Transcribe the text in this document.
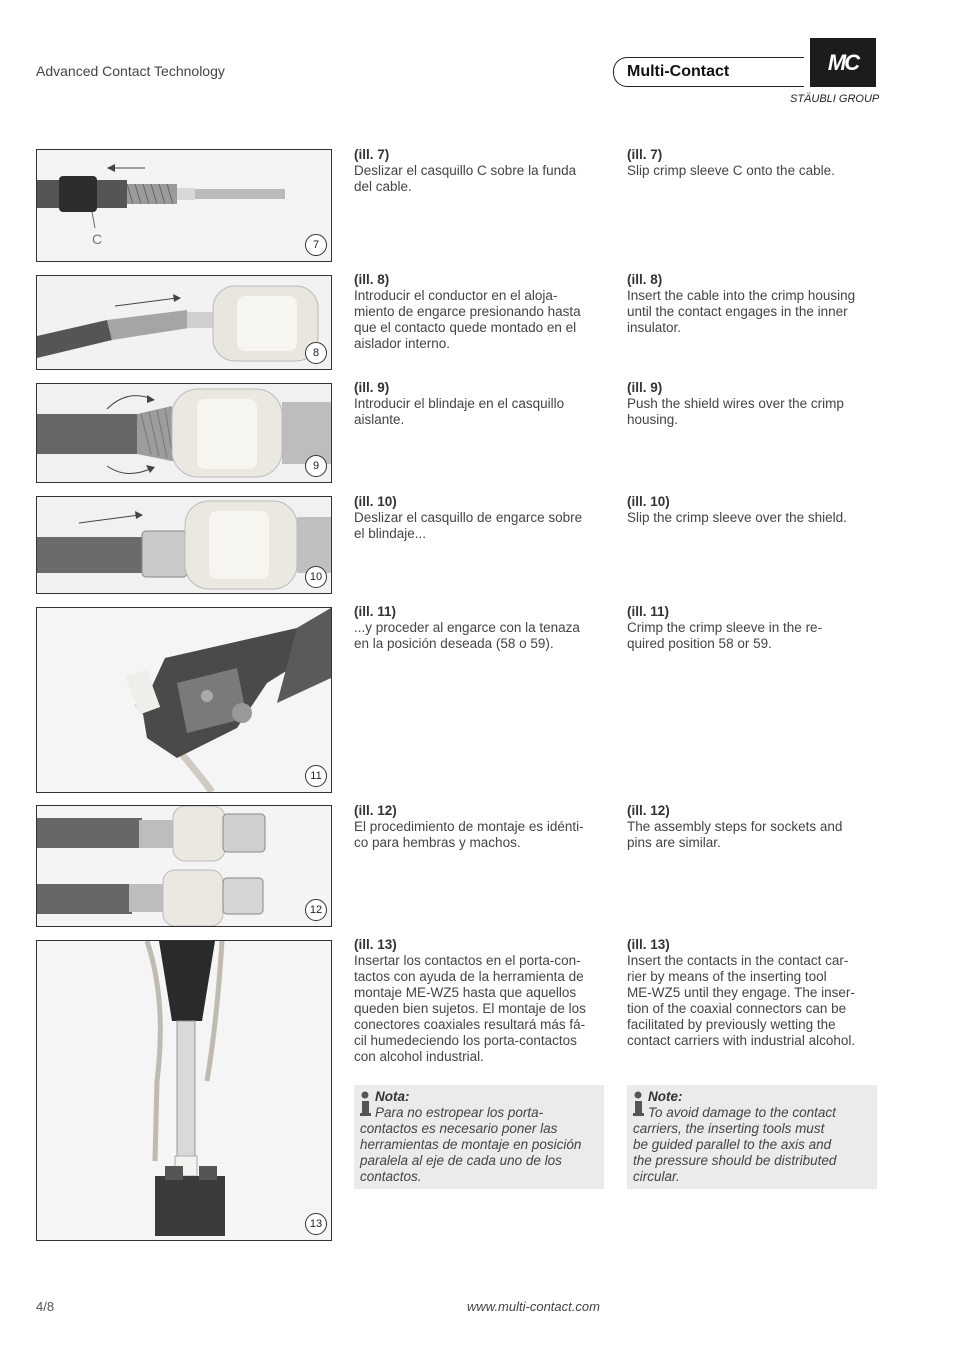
Advanced Contact Technology	Multi-Contact	MC
STÄUBLI GROUP
C	7
8
9
10
11
12
13
(ill. 7)
Deslizar el casquillo C sobre la funda
del cable.
(ill. 8)
Introducir el conductor en el aloja-
miento de engarce presionando hasta
que el contacto quede montado en el
aislador interno.
(ill. 9)
Introducir el blindaje en el casquillo
aislante.
(ill. 10)
Deslizar el casquillo de engarce sobre
el blindaje...
(ill. 11)
...y proceder al engarce con la tenaza
en la posición deseada (58 o 59).
(ill. 12)
El procedimiento de montaje es idénti-
co para hembras y machos.
(ill. 13)
Insertar los contactos en el porta-con-
tactos con ayuda de la herramienta de
montaje ME-WZ5 hasta que aquellos
queden bien sujetos. El montaje de los
conectores coaxiales resultará más fá-
cil humedeciendo los porta-contactos
con alcohol industrial.
(ill. 7)
Slip crimp sleeve C onto the cable.
(ill. 8)
Insert the cable into the crimp housing
until the contact engages in the inner
insulator.
(ill. 9)
Push the shield wires over the crimp
housing.
(ill. 10)
Slip the crimp sleeve over the shield.
(ill. 11)
Crimp the crimp sleeve in the re-
quired position 58 or 59.
(ill. 12)
The assembly steps for sockets and
pins are similar.
(ill. 13)
Insert the contacts in the contact car-
rier by means of the inserting tool
ME-WZ5 until they engage. The inser-
tion of the coaxial connectors can be
facilitated by previously wetting the
contact carriers with industrial alcohol.
Nota:
Para no estropear los porta-
contactos es necesario poner las
herramientas de montaje en posición
paralela al eje de cada uno de los
contactos.
Note:
To avoid damage to the contact
carriers, the inserting tools must
be guided parallel to the axis and
the pressure should be distributed
circular.
4/8	www.multi-contact.com
